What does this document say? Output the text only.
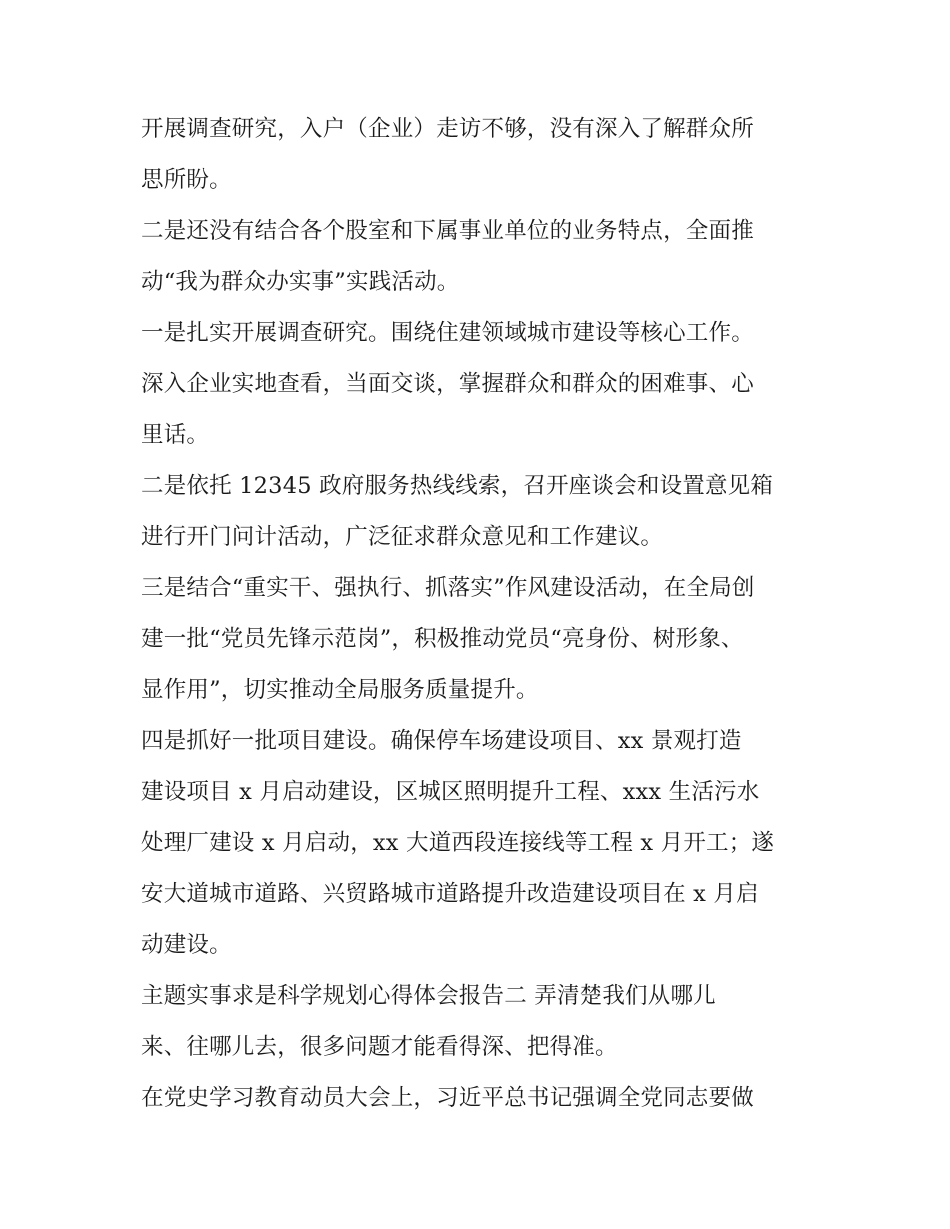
开展调查研究，入户（企业）走访不够，没有深入了解群众所
思所盼。
二是还没有结合各个股室和下属事业单位的业务特点，全面推
动“我为群众办实事”实践活动。
一是扎实开展调查研究。围绕住建领域城市建设等核心工作。
深入企业实地查看，当面交谈，掌握群众和群众的困难事、心
里话。
二是依托 12345 政府服务热线线索，召开座谈会和设置意见箱
进行开门问计活动，广泛征求群众意见和工作建议。
三是结合“重实干、强执行、抓落实”作风建设活动，在全局创
建一批“党员先锋示范岗”，积极推动党员“亮身份、树形象、
显作用”，切实推动全局服务质量提升。
四是抓好一批项目建设。确保停车场建设项目、xx 景观打造
建设项目 x 月启动建设，区城区照明提升工程、xxx 生活污水
处理厂建设 x 月启动，xx 大道西段连接线等工程 x 月开工；遂
安大道城市道路、兴贸路城市道路提升改造建设项目在 x 月启
动建设。
主题实事求是科学规划心得体会报告二 弄清楚我们从哪儿
来、往哪儿去，很多问题才能看得深、把得准。
在党史学习教育动员大会上，习近平总书记强调全党同志要做
